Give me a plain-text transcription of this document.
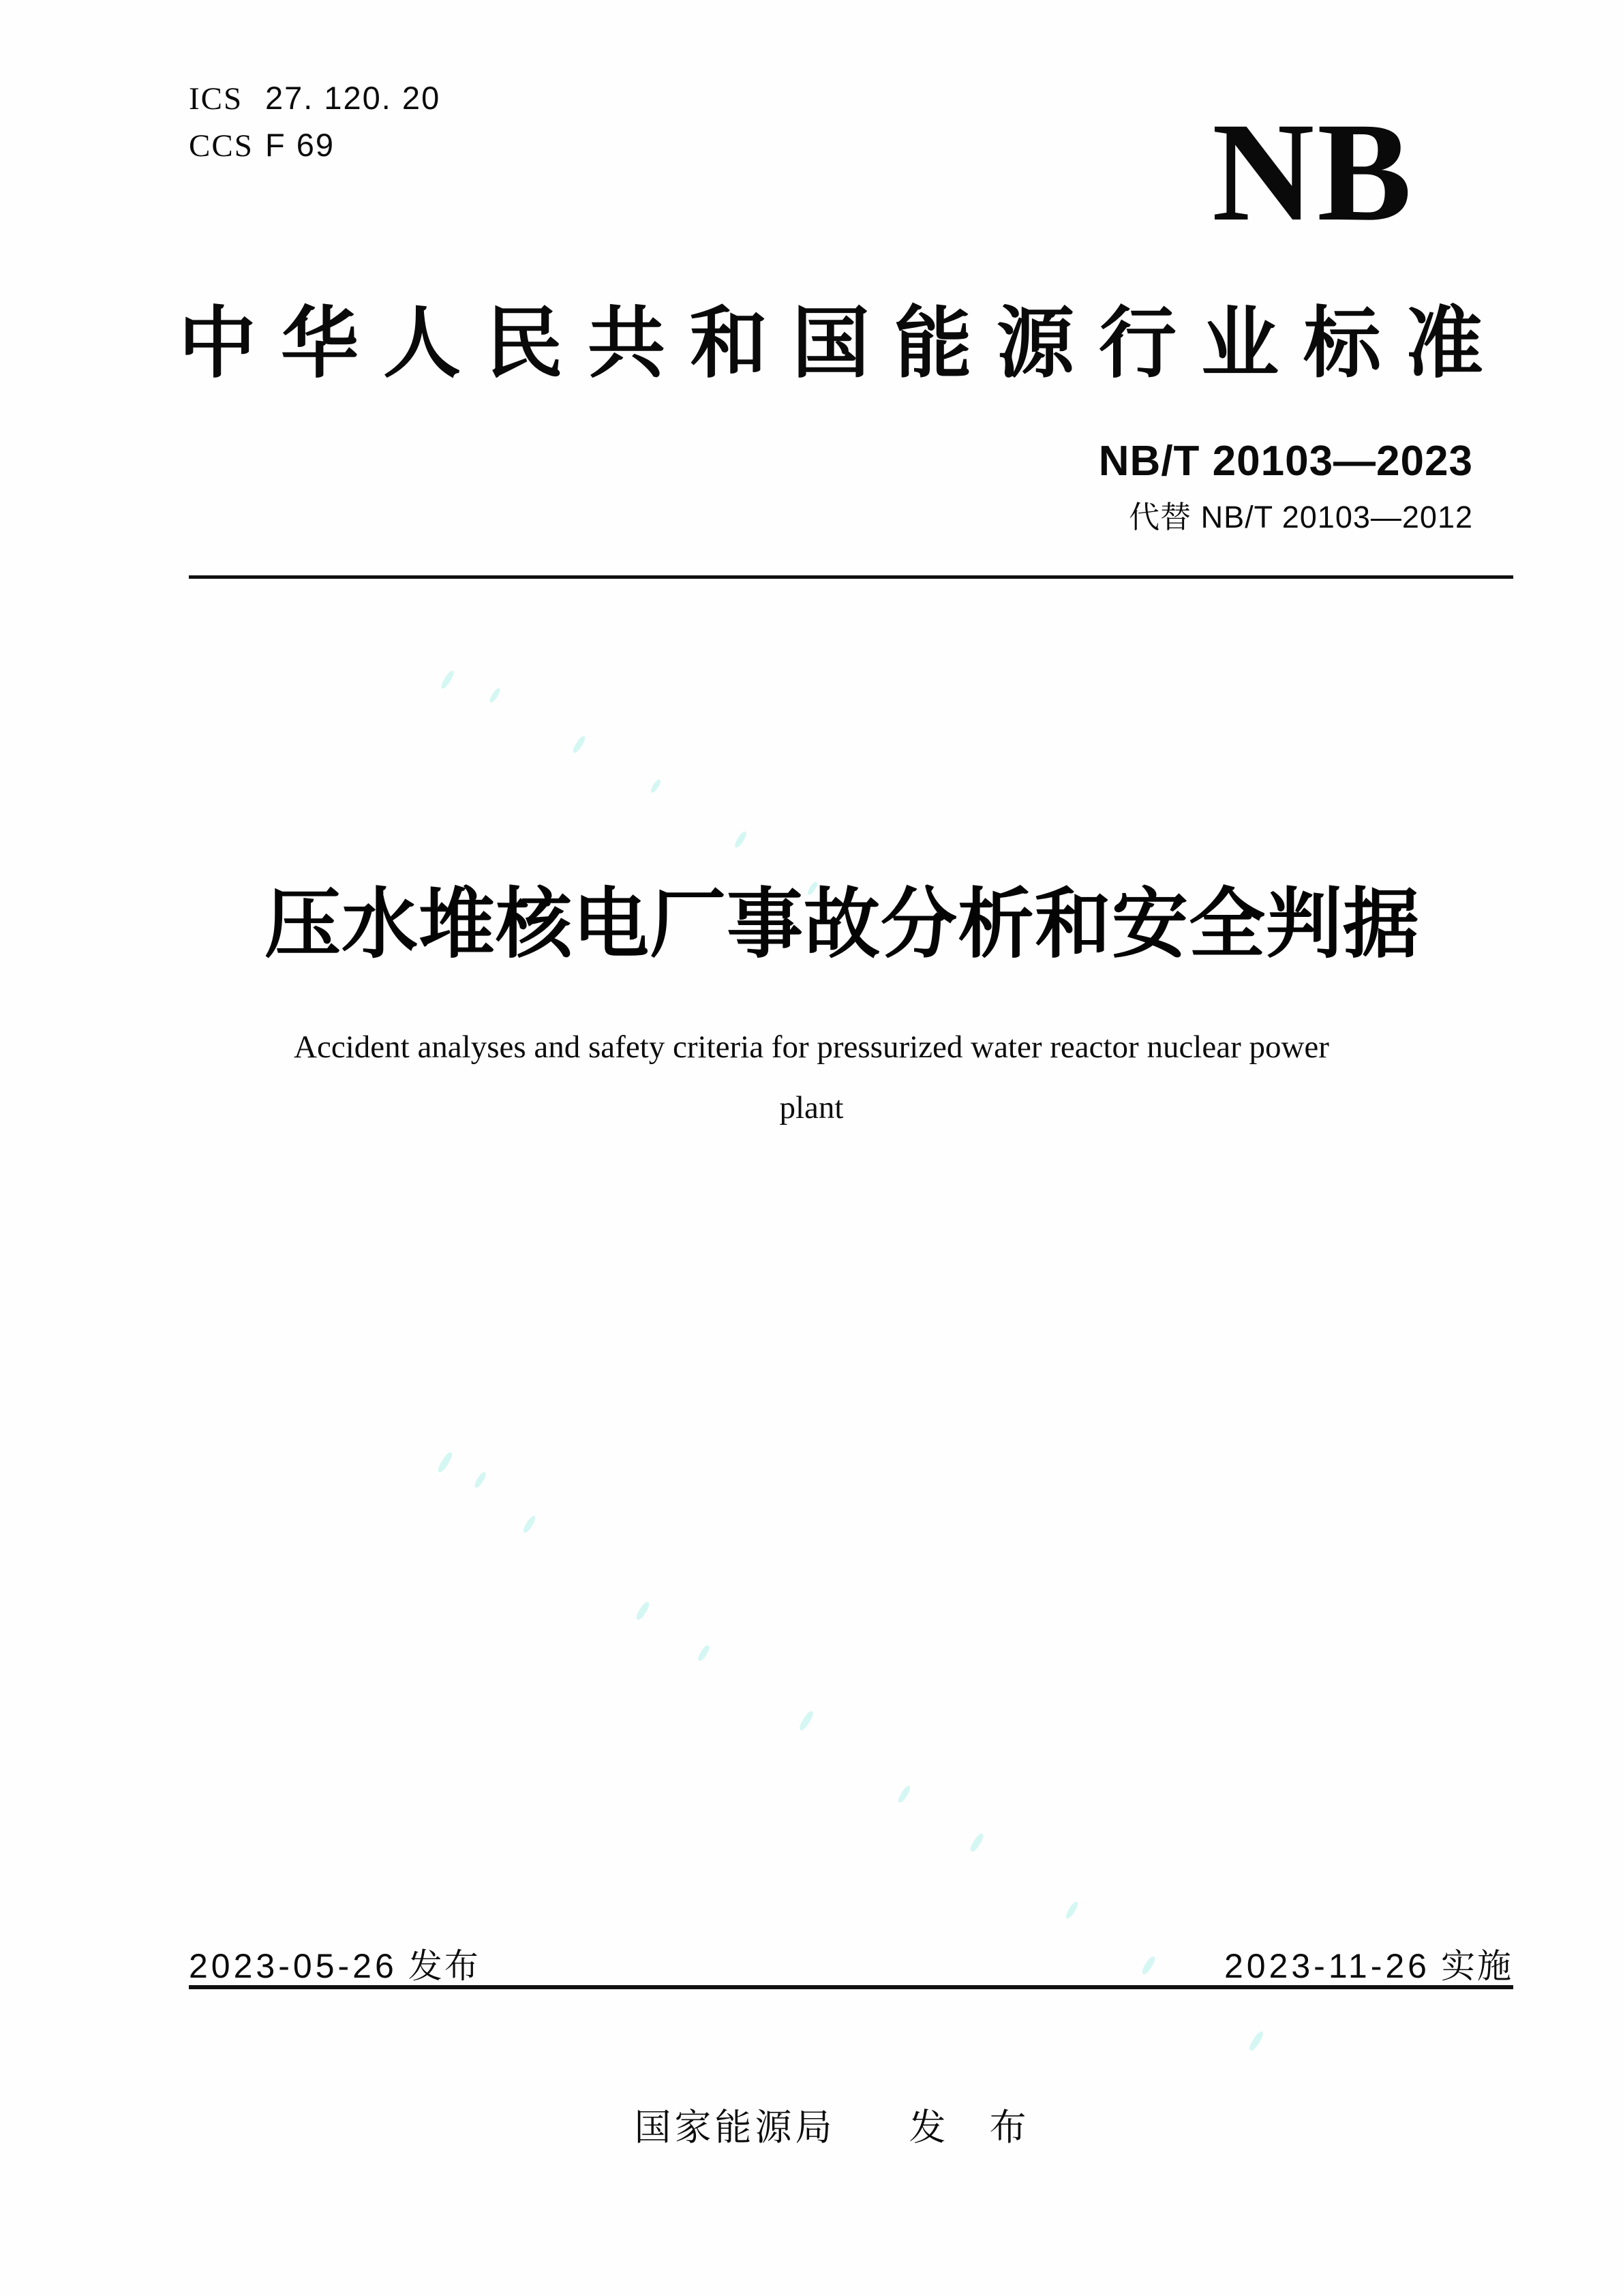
ICS 27. 120. 20
CCS F 69	NB
中华人民共和国能源行业标准
NB/T 20103—2023
代替 NB/T 20103—2012
压水堆核电厂事故分析和安全判据
Accident analyses and safety criteria for pressurized water reactor nuclear power
plant
2023-05-26 发布	2023-11-26 实施
国家能源局 发　布
